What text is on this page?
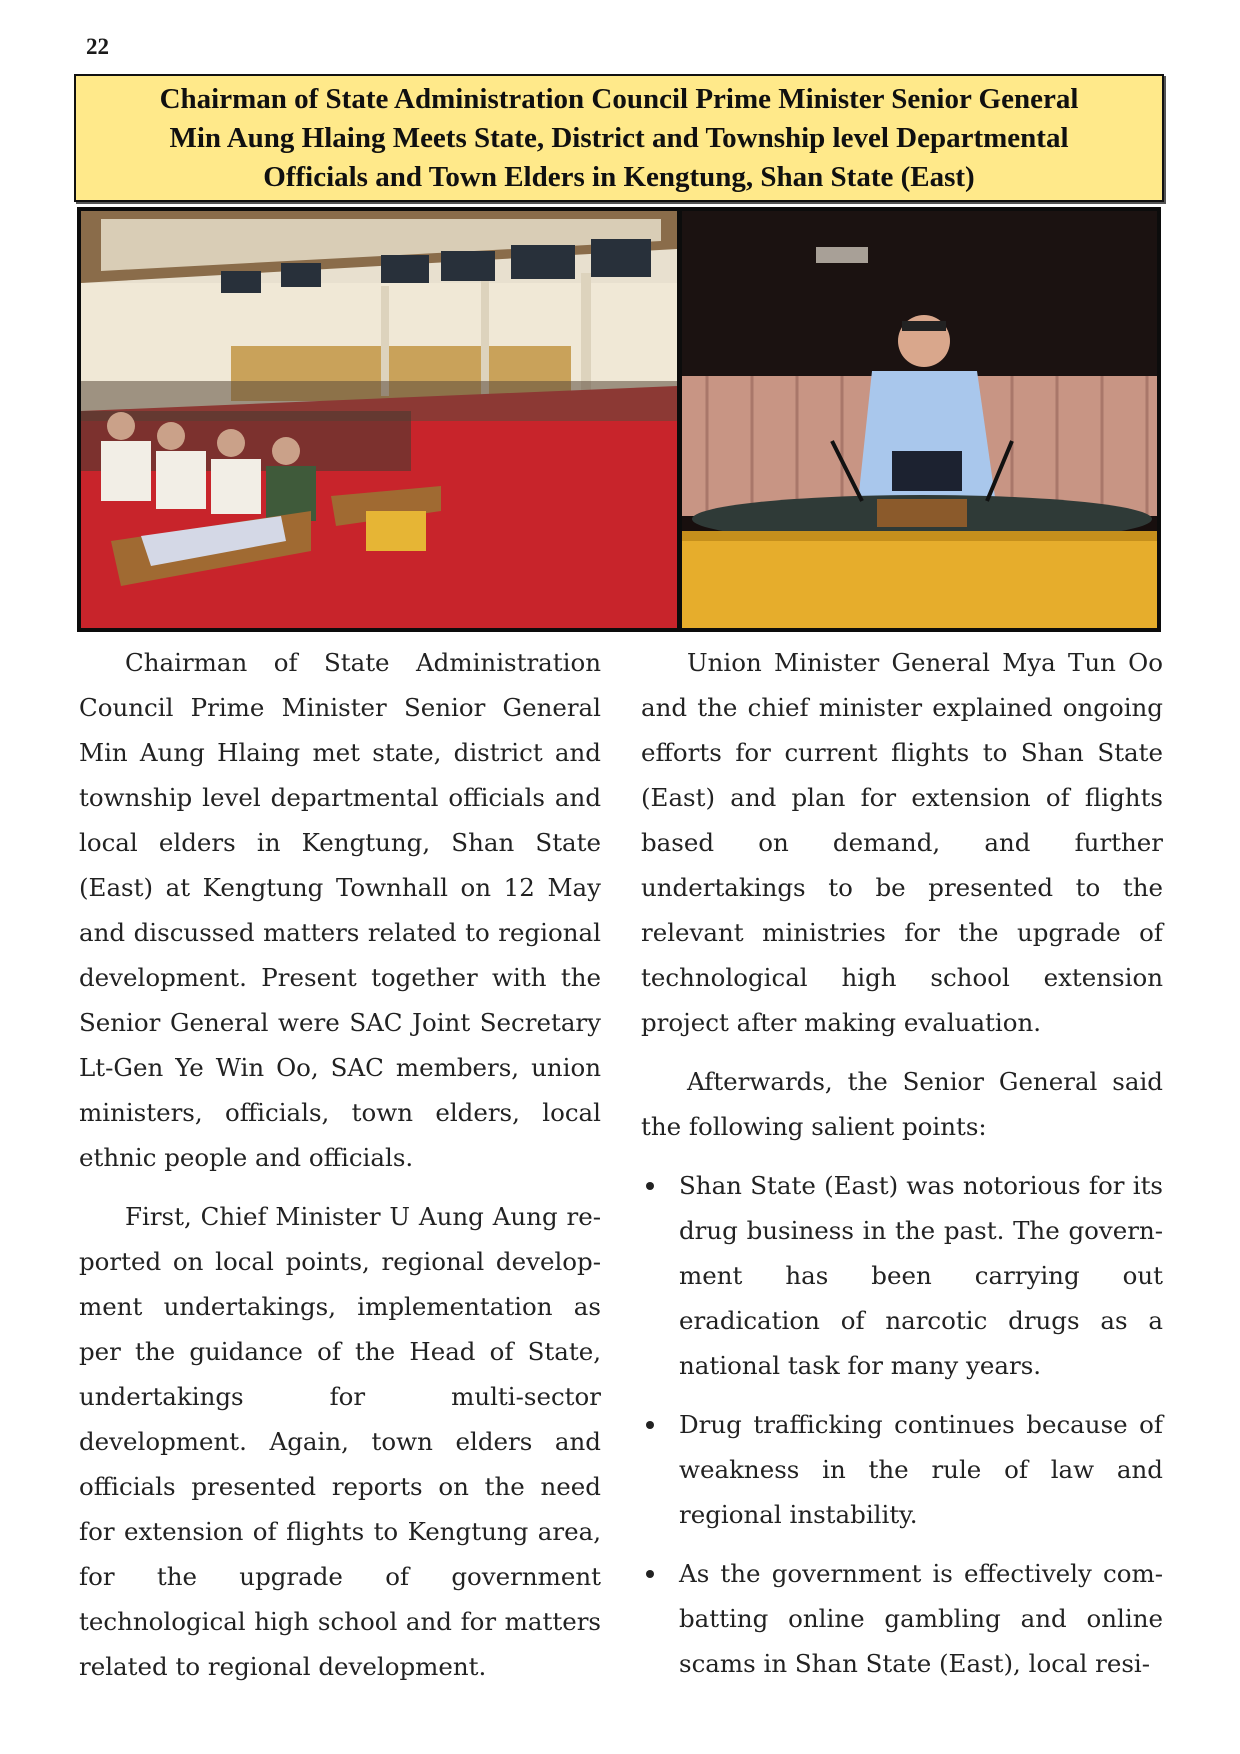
22
Chairman of State Administration Council Prime Minister Senior General
Min Aung Hlaing Meets State, District and Township level Departmental
Officials and Town Elders in Kengtung, Shan State (East)

Chairman of State Administration Council Prime Minister Senior General Min Aung Hlaing met state, district and township level departmental officials and local elders in Kengtung, Shan State (East) at Kengtung Townhall on 12 May and discussed matters related to regional development. Present together with the Senior General were SAC Joint Secretary Lt-Gen Ye Win Oo, SAC members, union ministers, officials, town elders, local ethnic people and officials.

First, Chief Minister U Aung Aung reported on local points, regional development undertakings, implementation as per the guidance of the Head of State, undertakings for multi-sector development. Again, town elders and officials presented reports on the need for extension of flights to Kengtung area, for the upgrade of government technological high school and for matters related to regional development.

Union Minister General Mya Tun Oo and the chief minister explained ongoing efforts for current flights to Shan State (East) and plan for extension of flights based on demand, and further undertakings to be presented to the relevant ministries for the upgrade of technological high school extension project after making evaluation.

Afterwards, the Senior General said the following salient points:

Shan State (East) was notorious for its drug business in the past. The government has been carrying out eradication of narcotic drugs as a national task for many years.
Drug trafficking continues because of weakness in the rule of law and regional instability.
As the government is effectively combatting online gambling and online scams in Shan State (East), local resi-
